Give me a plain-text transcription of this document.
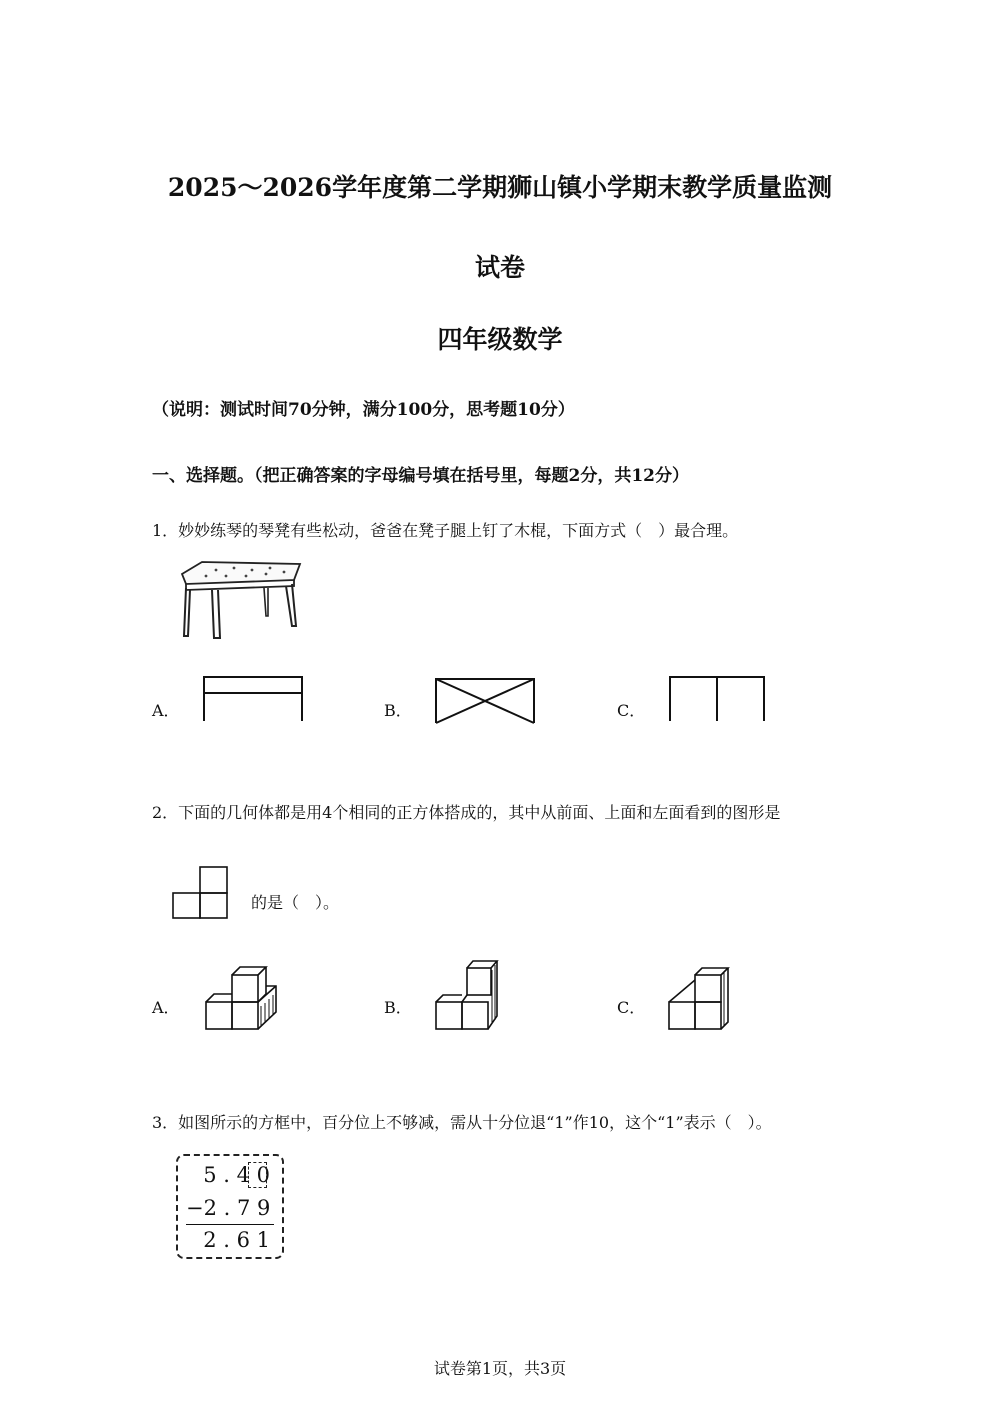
2025～2026学年度第二学期狮山镇小学期末教学质量监测
试卷
四年级数学
（说明：测试时间70分钟，满分100分，思考题10分）
一、选择题。（把正确答案的字母编号填在括号里，每题2分，共12分）
1．妙妙练琴的琴凳有些松动，爸爸在凳子腿上钉了木棍，下面方式（　）最合理。
A．	B．	C．
2．下面的几何体都是用4个相同的正方体搭成的，其中从前面、上面和左面看到的图形是
的是（　）。
A．	B．	C．
3．如图所示的方框中，百分位上不够减，需从十分位退“1”作10，这个“1”表示（　）。
5 . 4 0
−2 . 7 9
2 . 6 1
试卷第1页，共3页
